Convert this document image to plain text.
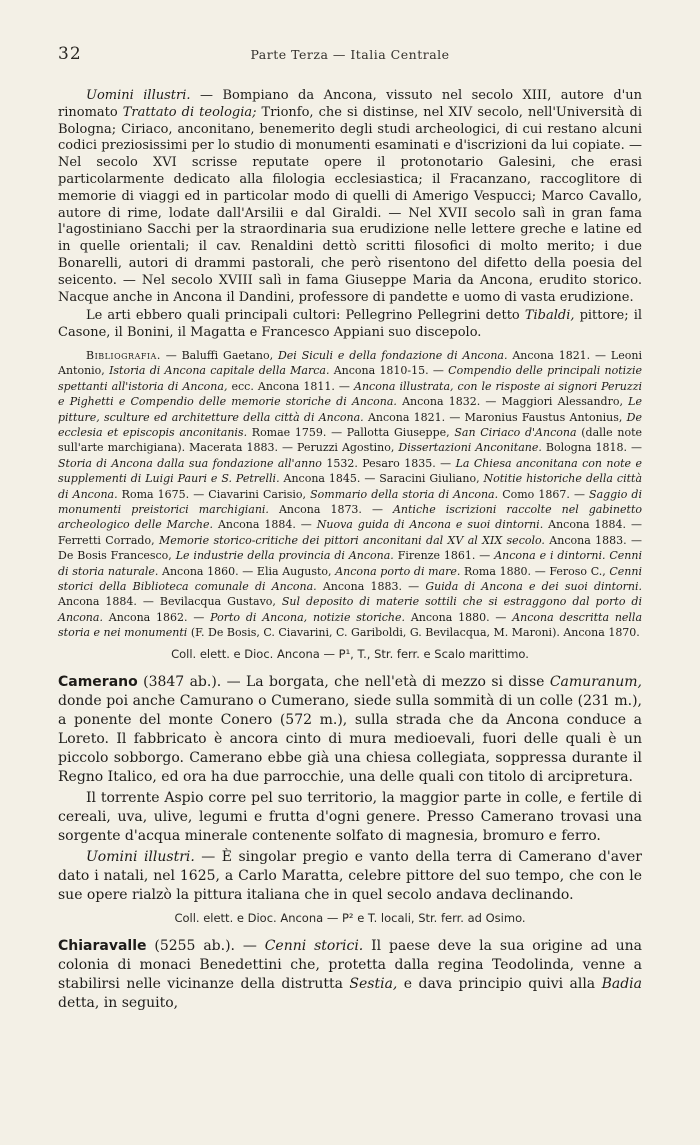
32	Parte Terza — Italia Centrale

Uomini illustri. — Bompiano da Ancona, vissuto nel secolo XIII, autore d'un rinomato Trattato di teologia; Trionfo, che si distinse, nel XIV secolo, nell'Università di Bologna; Ciriaco, anconitano, benemerito degli studi archeologici, di cui restano alcuni codici preziosissimi per lo studio di monumenti esaminati e d'iscrizioni da lui copiate. — Nel secolo XVI scrisse reputate opere il protonotario Galesini, che erasi particolarmente dedicato alla filologia ecclesiastica; il Fracanzano, raccoglitore di memorie di viaggi ed in particolar modo di quelli di Amerigo Vespucci; Marco Cavallo, autore di rime, lodate dall'Arsilii e dal Giraldi. — Nel XVII secolo salì in gran fama l'agostiniano Sacchi per la straordinaria sua erudizione nelle lettere greche e latine ed in quelle orientali; il cav. Renaldini dettò scritti filosofici di molto merito; i due Bonarelli, autori di drammi pastorali, che però risentono del difetto della poesia del seicento. — Nel secolo XVIII salì in fama Giuseppe Maria da Ancona, erudito storico. Nacque anche in Ancona il Dandini, professore di pandette e uomo di vasta erudizione.

Le arti ebbero quali principali cultori: Pellegrino Pellegrini detto Tibaldi, pittore; il Casone, il Bonini, il Magatta e Francesco Appiani suo discepolo.

Bibliografia. — Baluffi Gaetano, Dei Siculi e della fondazione di Ancona. Ancona 1821. — Leoni Antonio, Istoria di Ancona capitale della Marca. Ancona 1810-15. — Compendio delle principali notizie spettanti all'istoria di Ancona, ecc. Ancona 1811. — Ancona illustrata, con le risposte ai signori Peruzzi e Pighetti e Compendio delle memorie storiche di Ancona. Ancona 1832. — Maggiori Alessandro, Le pitture, sculture ed architetture della città di Ancona. Ancona 1821. — Maronius Faustus Antonius, De ecclesia et episcopis anconitanis. Romae 1759. — Pallotta Giuseppe, San Ciriaco d'Ancona (dalle note sull'arte marchigiana). Macerata 1883. — Peruzzi Agostino, Dissertazioni Anconitane. Bologna 1818. — Storia di Ancona dalla sua fondazione all'anno 1532. Pesaro 1835. — La Chiesa anconitana con note e supplementi di Luigi Pauri e S. Petrelli. Ancona 1845. — Saracini Giuliano, Notitie historiche della città di Ancona. Roma 1675. — Ciavarini Carisio, Sommario della storia di Ancona. Como 1867. — Saggio di monumenti preistorici marchigiani. Ancona 1873. — Antiche iscrizioni raccolte nel gabinetto archeologico delle Marche. Ancona 1884. — Nuova guida di Ancona e suoi dintorni. Ancona 1884. — Ferretti Corrado, Memorie storico-critiche dei pittori anconitani dal XV al XIX secolo. Ancona 1883. — De Bosis Francesco, Le industrie della provincia di Ancona. Firenze 1861. — Ancona e i dintorni. Cenni di storia naturale. Ancona 1860. — Elia Augusto, Ancona porto di mare. Roma 1880. — Feroso C., Cenni storici della Biblioteca comunale di Ancona. Ancona 1883. — Guida di Ancona e dei suoi dintorni. Ancona 1884. — Bevilacqua Gustavo, Sul deposito di materie sottili che si estraggono dal porto di Ancona. Ancona 1862. — Porto di Ancona, notizie storiche. Ancona 1880. — Ancona descritta nella storia e nei monumenti (F. De Bosis, C. Ciavarini, C. Gariboldi, G. Bevilacqua, M. Maroni). Ancona 1870.

Coll. elett. e Dioc. Ancona — P¹, T., Str. ferr. e Scalo marittimo.

Camerano (3847 ab.). — La borgata, che nell'età di mezzo si disse Camuranum, donde poi anche Camurano o Cumerano, siede sulla sommità di un colle (231 m.), a ponente del monte Conero (572 m.), sulla strada che da Ancona conduce a Loreto. Il fabbricato è ancora cinto di mura medioevali, fuori delle quali è un piccolo sobborgo. Camerano ebbe già una chiesa collegiata, soppressa durante il Regno Italico, ed ora ha due parrocchie, una delle quali con titolo di arcipretura.

Il torrente Aspio corre pel suo territorio, la maggior parte in colle, e fertile di cereali, uva, ulive, legumi e frutta d'ogni genere. Presso Camerano trovasi una sorgente d'acqua minerale contenente solfato di magnesia, bromuro e ferro.

Uomini illustri. — È singolar pregio e vanto della terra di Camerano d'aver dato i natali, nel 1625, a Carlo Maratta, celebre pittore del suo tempo, che con le sue opere rialzò la pittura italiana che in quel secolo andava declinando.

Coll. elett. e Dioc. Ancona — P² e T. locali, Str. ferr. ad Osimo.

Chiaravalle (5255 ab.). — Cenni storici. Il paese deve la sua origine ad una colonia di monaci Benedettini che, protetta dalla regina Teodolinda, venne a stabilirsi nelle vicinanze della distrutta Sestia, e dava principio quivi alla Badia detta, in seguito,
